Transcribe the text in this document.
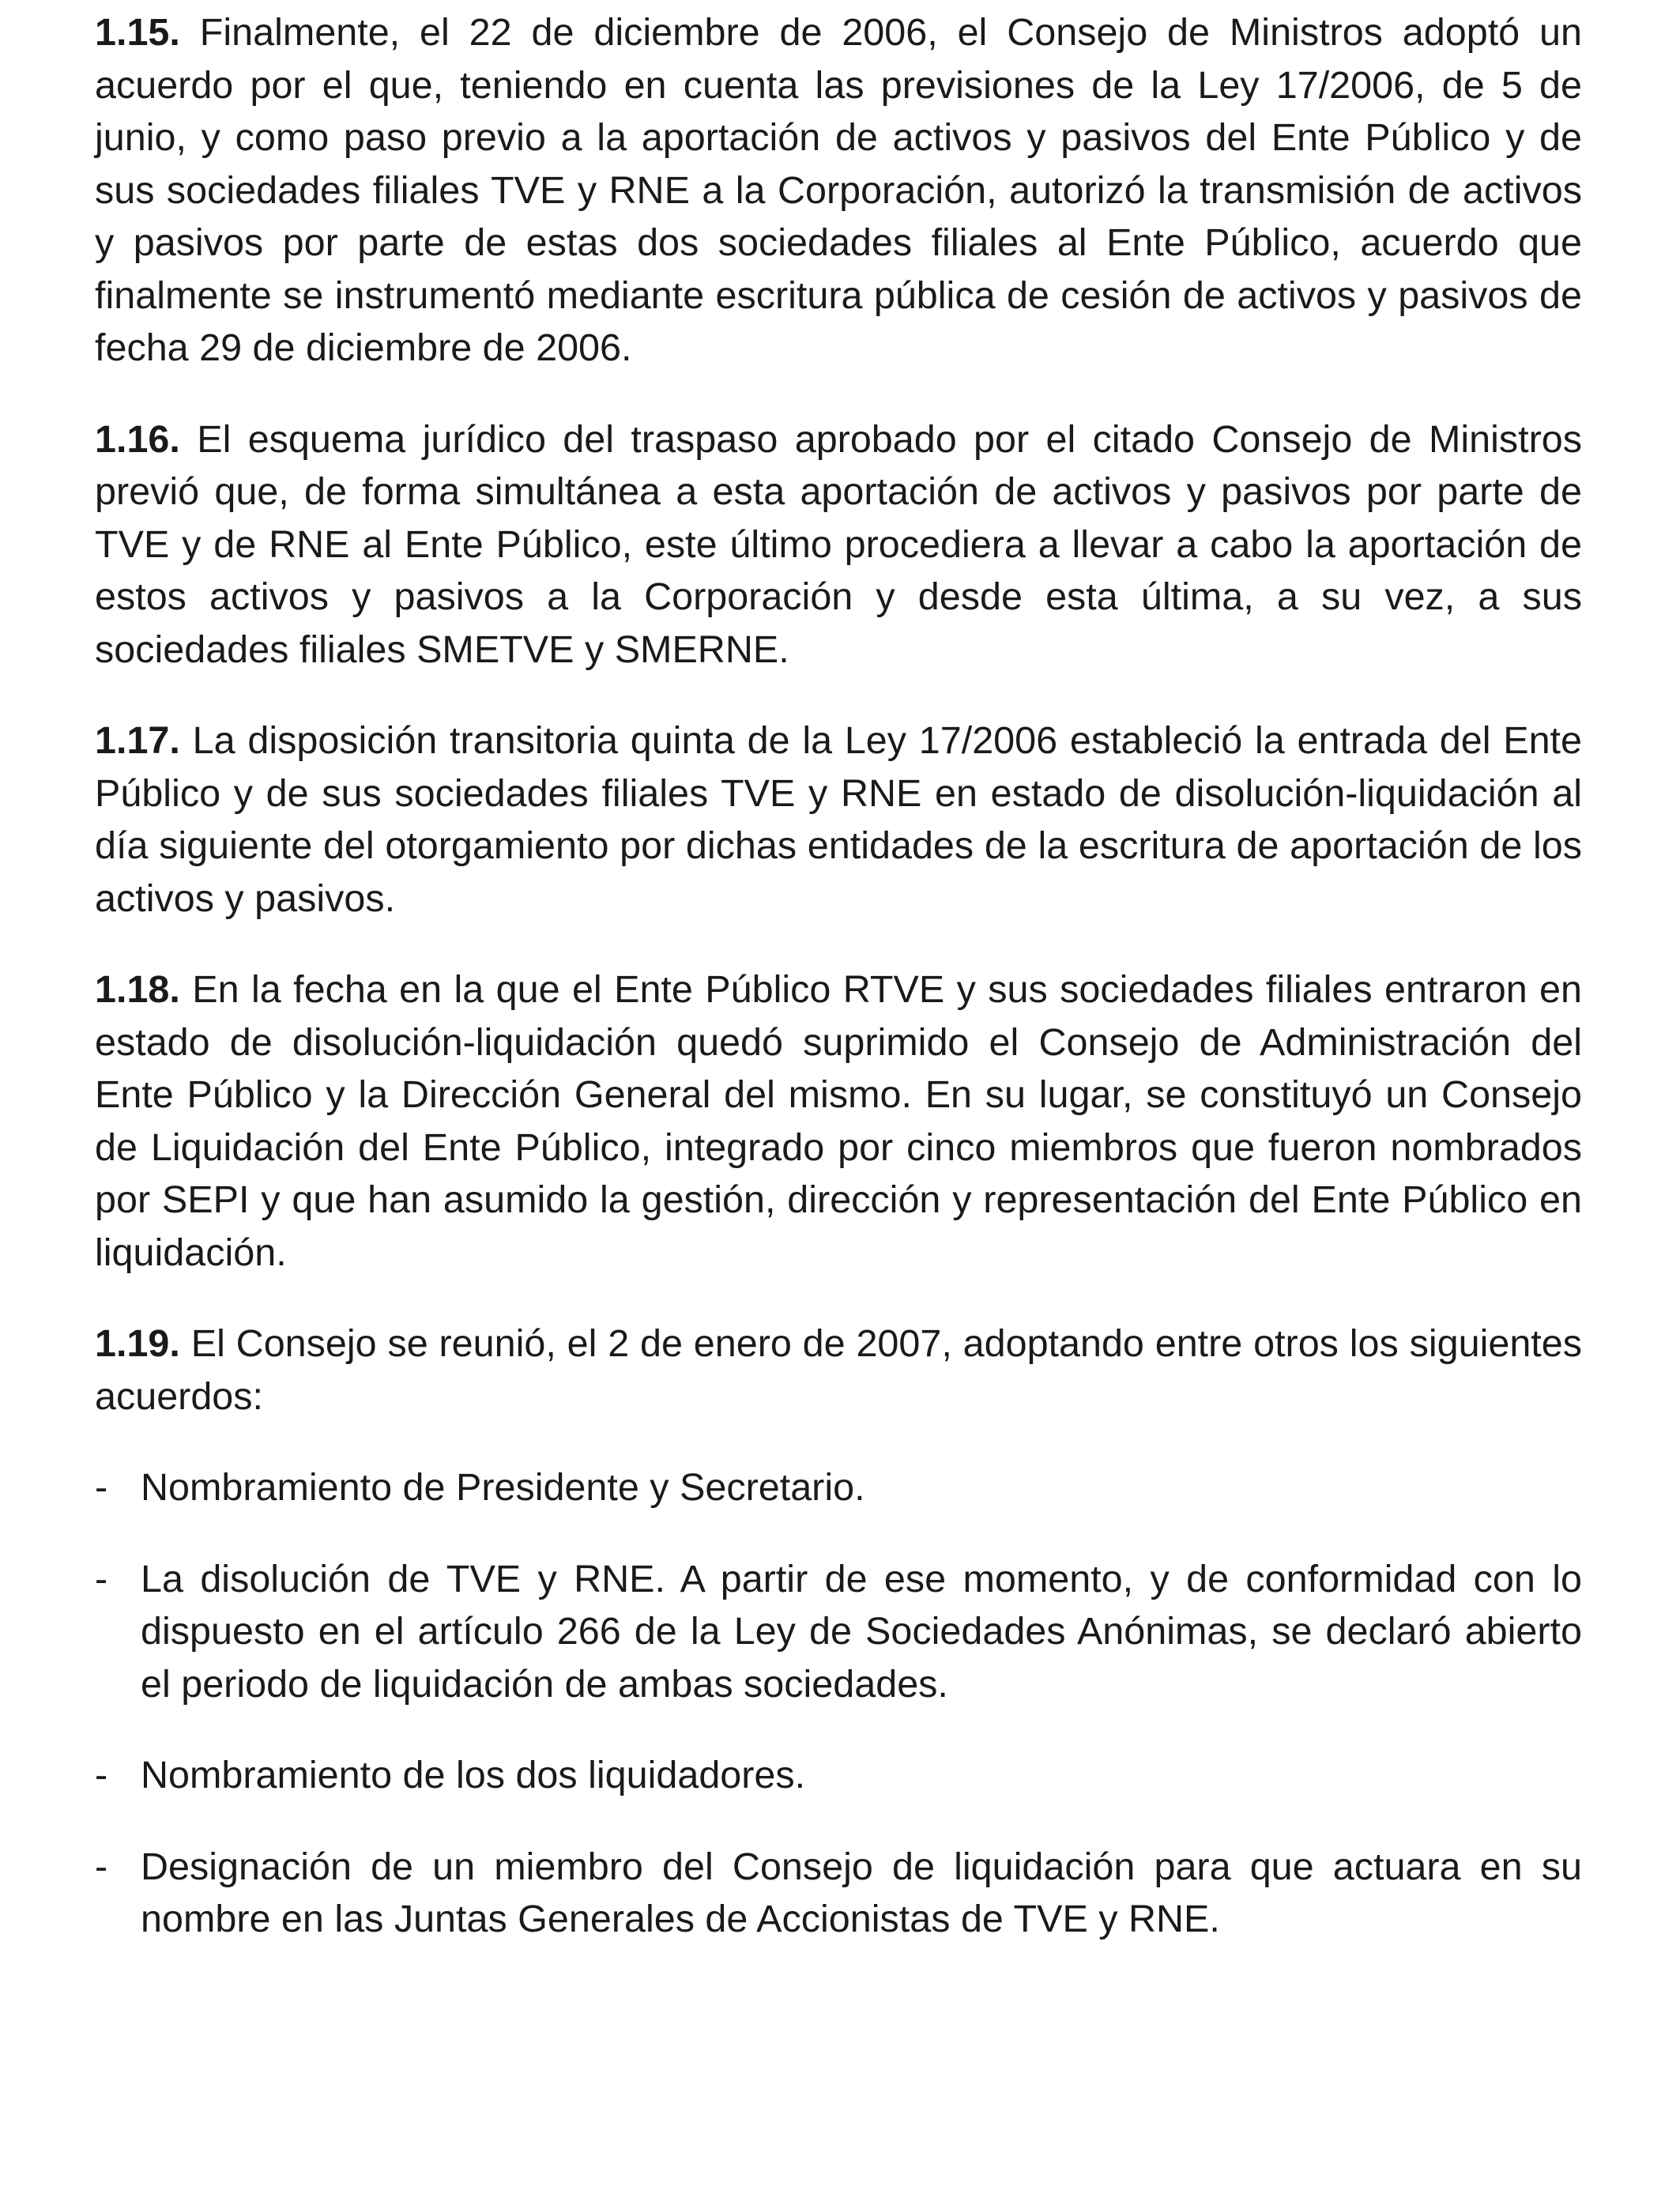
1.15. Finalmente, el 22 de diciembre de 2006, el Consejo de Ministros adoptó un acuerdo por el que, teniendo en cuenta las previsiones de la Ley 17/2006, de 5 de junio, y como paso previo a la aportación de activos y pasivos del Ente Público y de sus sociedades filiales TVE y RNE a la Corporación, autorizó la transmisión de activos y pasivos por parte de estas dos sociedades filiales al Ente Público, acuerdo que finalmente se instrumentó mediante escritura pública de cesión de activos y pasivos de fecha 29 de diciembre de 2006.

1.16. El esquema jurídico del traspaso aprobado por el citado Consejo de Ministros previó que, de forma simultánea a esta aportación de activos y pasivos por parte de TVE y de RNE al Ente Público, este último procediera a llevar a cabo la aportación de estos activos y pasivos a la Corporación y desde esta última, a su vez, a sus sociedades filiales SMETVE y SMERNE.

1.17. La disposición transitoria quinta de la Ley 17/2006 estableció la entrada del Ente Público y de sus sociedades filiales TVE y RNE en estado de disolución-liquidación al día siguiente del otorgamiento por dichas entidades de la escritura de aportación de los activos y pasivos.

1.18. En la fecha en la que el Ente Público RTVE y sus sociedades filiales entraron en estado de disolución-liquidación quedó suprimido el Consejo de Administración del Ente Público y la Dirección General del mismo. En su lugar, se constituyó un Consejo de Liquidación del Ente Público, integrado por cinco miembros que fueron nombrados por SEPI y que han asumido la gestión, dirección y representación del Ente Público en liquidación.

1.19. El Consejo se reunió, el 2 de enero de 2007, adoptando entre otros los siguientes acuerdos:

- Nombramiento de Presidente y Secretario.
- La disolución de TVE y RNE. A partir de ese momento, y de conformidad con lo dispuesto en el artículo 266 de la Ley de Sociedades Anónimas, se declaró abierto el periodo de liquidación de ambas sociedades.
- Nombramiento de los dos liquidadores.
- Designación de un miembro del Consejo de liquidación para que actuara en su nombre en las Juntas Generales de Accionistas de TVE y RNE.
